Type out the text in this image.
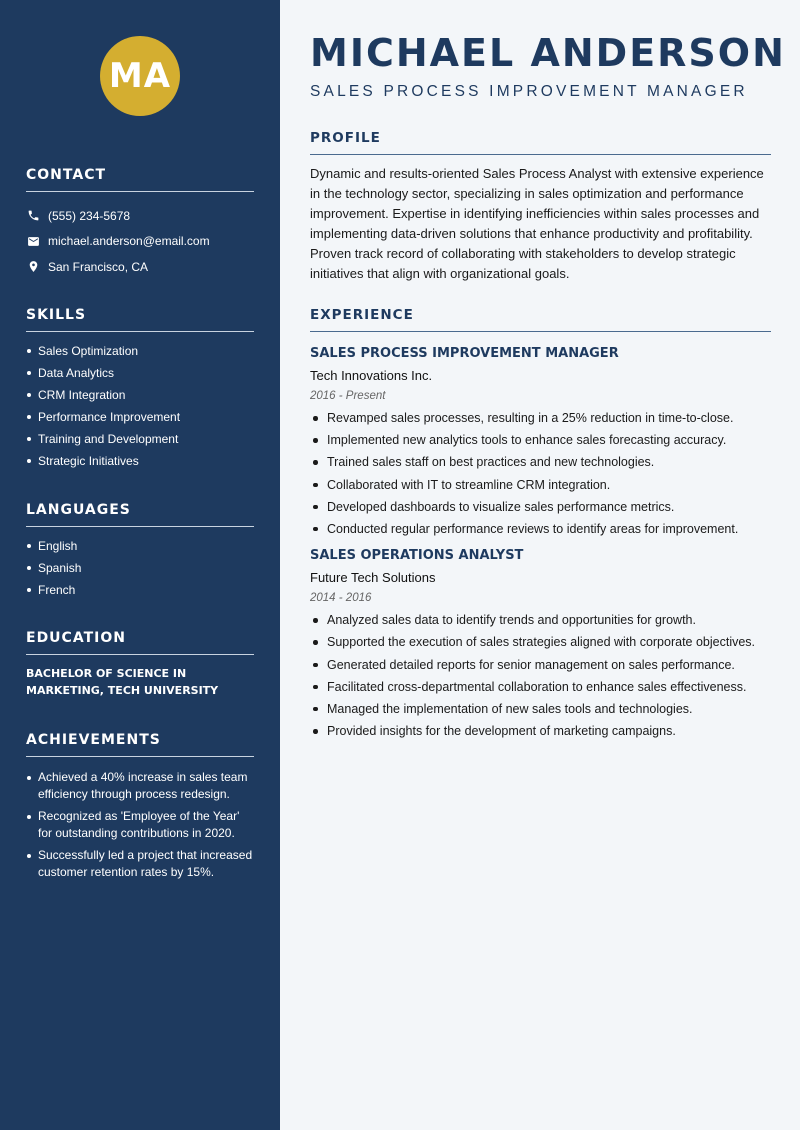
MA
CONTACT
(555) 234-5678
michael.anderson@email.com
San Francisco, CA
SKILLS
Sales Optimization
Data Analytics
CRM Integration
Performance Improvement
Training and Development
Strategic Initiatives
LANGUAGES
English
Spanish
French
EDUCATION
BACHELOR OF SCIENCE IN MARKETING, TECH UNIVERSITY
ACHIEVEMENTS
Achieved a 40% increase in sales team efficiency through process redesign.
Recognized as 'Employee of the Year' for outstanding contributions in 2020.
Successfully led a project that increased customer retention rates by 15%.
MICHAEL ANDERSON
SALES PROCESS IMPROVEMENT MANAGER
PROFILE

Dynamic and results-oriented Sales Process Analyst with extensive experience in the technology sector, specializing in sales optimization and performance improvement. Expertise in identifying inefficiencies within sales processes and implementing data-driven solutions that enhance productivity and profitability. Proven track record of collaborating with stakeholders to develop strategic initiatives that align with organizational goals.

EXPERIENCE
SALES PROCESS IMPROVEMENT MANAGER
Tech Innovations Inc.
2016 - Present
Revamped sales processes, resulting in a 25% reduction in time-to-close.
Implemented new analytics tools to enhance sales forecasting accuracy.
Trained sales staff on best practices and new technologies.
Collaborated with IT to streamline CRM integration.
Developed dashboards to visualize sales performance metrics.
Conducted regular performance reviews to identify areas for improvement.
SALES OPERATIONS ANALYST
Future Tech Solutions
2014 - 2016
Analyzed sales data to identify trends and opportunities for growth.
Supported the execution of sales strategies aligned with corporate objectives.
Generated detailed reports for senior management on sales performance.
Facilitated cross-departmental collaboration to enhance sales effectiveness.
Managed the implementation of new sales tools and technologies.
Provided insights for the development of marketing campaigns.
